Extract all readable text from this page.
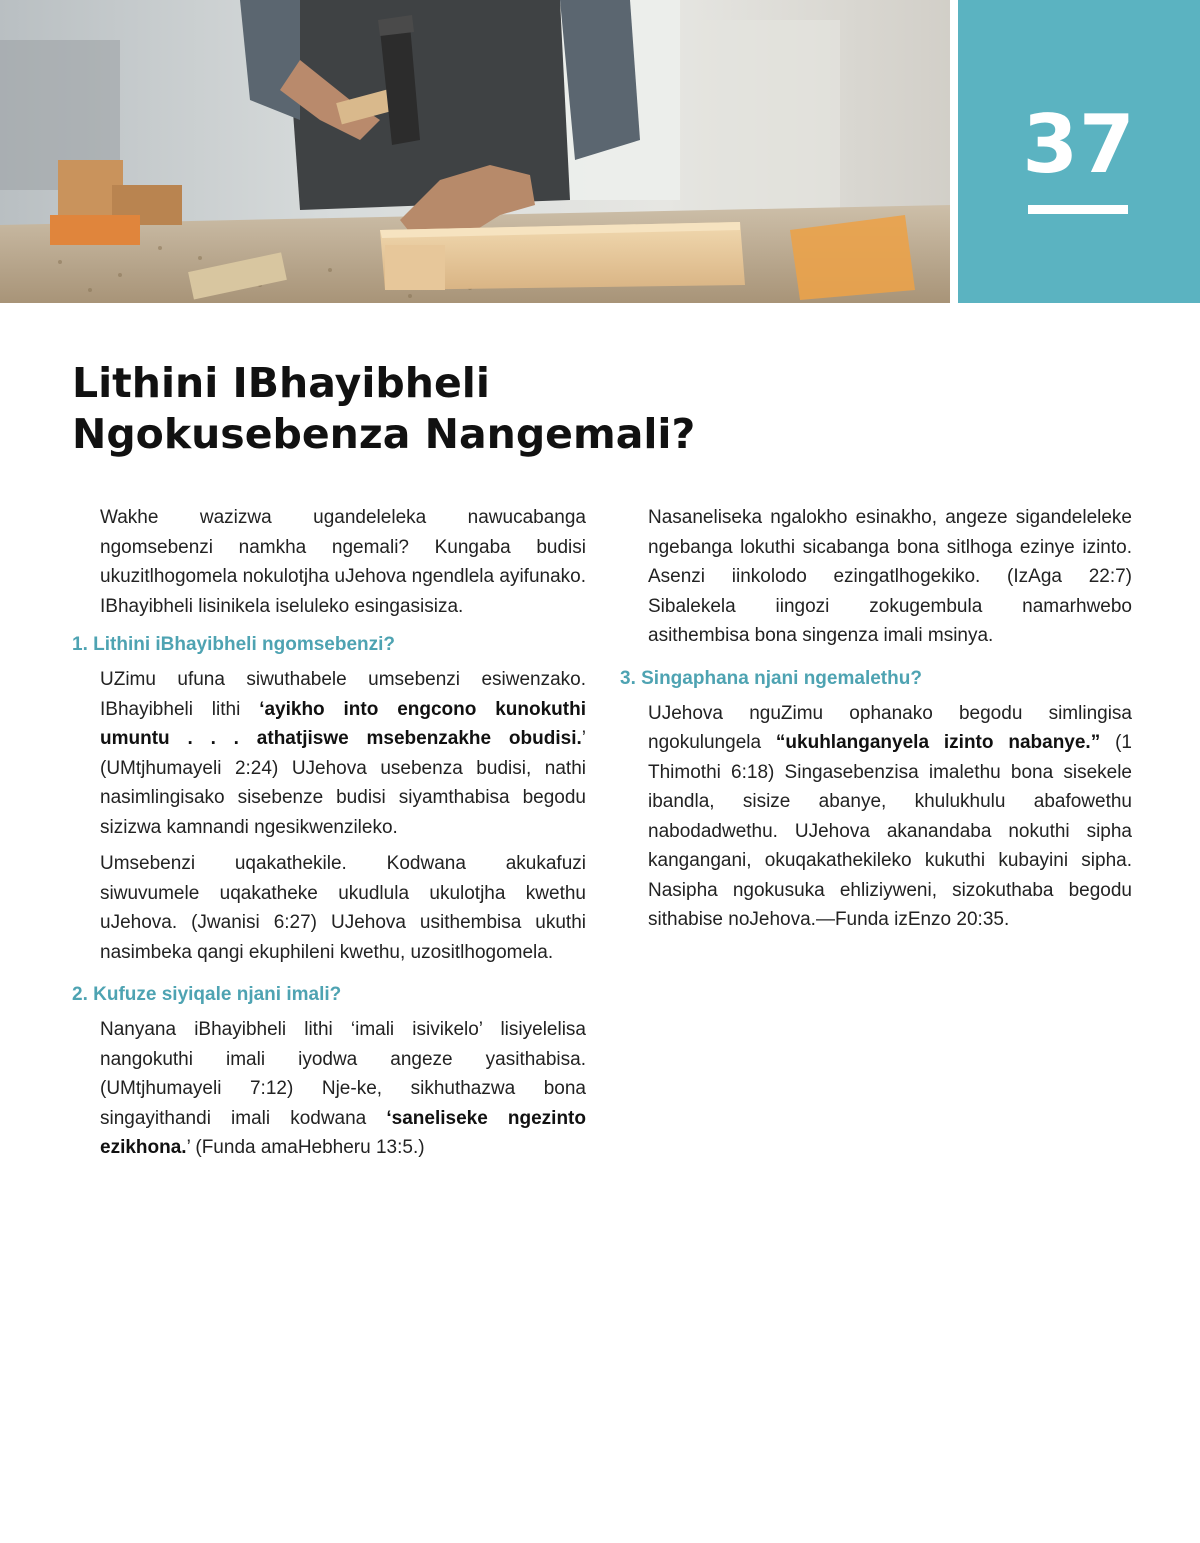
37
Lithini IBhayibheli
Ngokusebenza Nangemali?

Wakhe wazizwa ugandeleleka nawucabanga ngomsebenzi namkha ngemali? Kungaba budisi ukuzitlhogomela nokulotjha uJehova ngendlela ayifunako. IBhayibheli lisinikela iseluleko esingasisiza.

1. Lithini iBhayibheli ngomsebenzi?

UZimu ufuna siwuthabele umsebenzi esiwenzako. IBhayibheli lithi ‘ayikho into engcono kunokuthi umuntu . . . athatjiswe msebenzakhe obudisi.’ (UMtjhumayeli 2:24) UJehova usebenza budisi, nathi nasimlingisako sisebenze budisi siyamthabisa begodu sizizwa kamnandi ngesikwenzileko.

Umsebenzi uqakathekile. Kodwana akukafuzi siwuvumele uqakatheke ukudlula ukulotjha kwethu uJehova. (Jwanisi 6:27) UJehova usithembisa ukuthi nasimbeka qangi ekuphileni kwethu, uzositlhogomela.

2. Kufuze siyiqale njani imali?

Nanyana iBhayibheli lithi ‘imali isivikelo’ lisiyelelisa nangokuthi imali iyodwa angeze yasithabisa. (UMtjhumayeli 7:12) Nje-ke, sikhuthazwa bona singayithandi imali kodwana ‘saneliseke ngezinto ezikhona.’ (Funda amaHebheru 13:5.)

Nasaneliseka ngalokho esinakho, angeze sigandeleleke ngebanga lokuthi sicabanga bona sitlhoga ezinye izinto. Asenzi iinkolodo ezingatlhogekiko. (IzAga 22:7) Sibalekela iingozi zokugembula namarhwebo asithembisa bona singenza imali msinya.

3. Singaphana njani ngemalethu?

UJehova nguZimu ophanako begodu simlingisa ngokulungela “ukuhlanganyela izinto nabanye.” (1 Thimothi 6:18) Singasebenzisa imalethu bona sisekele ibandla, sisize abanye, khulukhulu abafowethu nabodadwethu. UJehova akanandaba nokuthi sipha kangangani, okuqakathekileko kukuthi kubayini sipha. Nasipha ngokusuka ehliziyweni, sizokuthaba begodu sithabise noJehova.—Funda izEnzo 20:35.
